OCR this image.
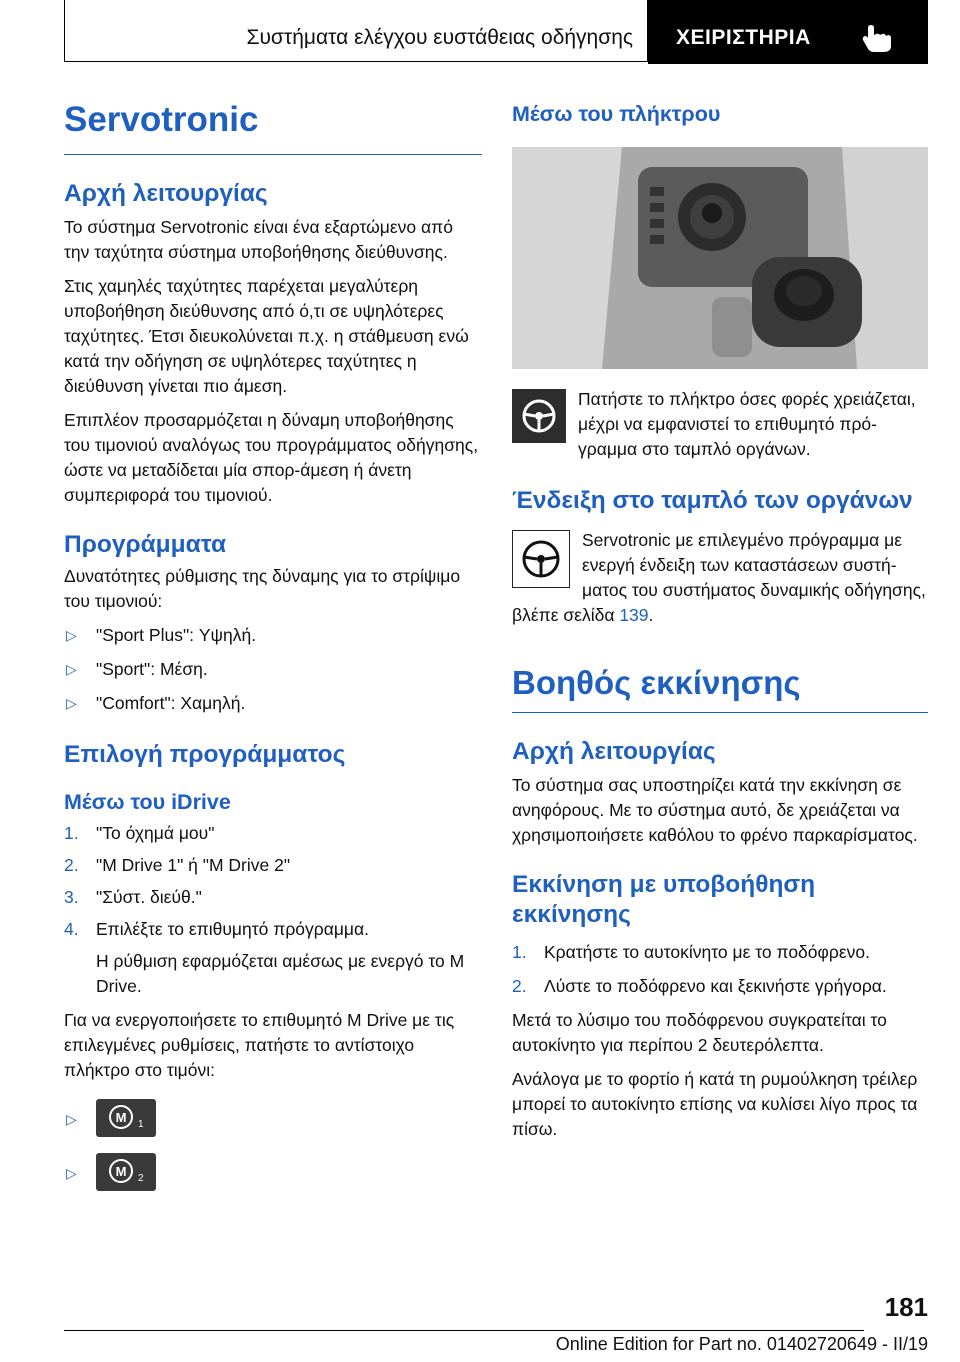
Συστήματα ελέγχου ευστάθειας οδήγησης ΧΕΙΡΙΣΤΗΡΙΑ
Servotronic
Αρχή λειτουργίας

Το σύστημα Servotronic είναι ένα εξαρτώμενο από την ταχύτητα σύστημα υποβοήθησης διεύθυνσης.

Στις χαμηλές ταχύτητες παρέχεται μεγαλύτερη υποβοήθηση διεύθυνσης από ό,τι σε υψηλότερες ταχύτητες. Έτσι διευκολύνεται π.χ. η στάθμευση ενώ κατά την οδήγηση σε υψηλότερες ταχύτητες η διεύθυνση γίνεται πιο άμεση.

Επιπλέον προσαρμόζεται η δύναμη υποβοήθησης του τιμονιού αναλόγως του προγράμματος οδήγησης, ώστε να μεταδίδεται μία σπορ-άμεση ή άνετη συμπεριφορά του τιμονιού.

Προγράμματα

Δυνατότητες ρύθμισης της δύναμης για το στρίψιμο του τιμονιού:

▷ "Sport Plus": Υψηλή.
▷ "Sport": Μέση.
▷ "Comfort": Χαμηλή.
Επιλογή προγράμματος
Μέσω του iDrive
1. "Το όχημά μου"
2. "M Drive 1" ή "M Drive 2"
3. "Σύστ. διεύθ."
4. Επιλέξτε το επιθυμητό πρόγραμμα.
Η ρύθμιση εφαρμόζεται αμέσως με ενεργό το M Drive.

Για να ενεργοποιήσετε το επιθυμητό M Drive με τις επιλεγμένες ρυθμίσεις, πατήστε το αντίστοιχο πλήκτρο στο τιμόνι:

▷	M 1
▷	M 2
Μέσω του πλήκτρου

Πατήστε το πλήκτρο όσες φορές χρειάζεται, μέχρι να εμφανιστεί το επιθυμητό πρόγραμμα στο ταμπλό οργάνων.

Ένδειξη στο ταμπλό των οργάνων

Servotronic με επιλεγμένο πρόγραμμα με ενεργή ένδειξη των καταστάσεων συστήματος του συστήματος δυναμικής οδήγησης, βλέπε σελίδα 139.

Βοηθός εκκίνησης
Αρχή λειτουργίας

Το σύστημα σας υποστηρίζει κατά την εκκίνηση σε ανηφόρους. Με το σύστημα αυτό, δε χρειάζεται να χρησιμοποιήσετε καθόλου το φρένο παρκαρίσματος.

Εκκίνηση με υποβοήθηση εκκίνησης
1. Κρατήστε το αυτοκίνητο με το ποδόφρενο.
2. Λύστε το ποδόφρενο και ξεκινήστε γρήγορα.

Μετά το λύσιμο του ποδόφρενου συγκρατείται το αυτοκίνητο για περίπου 2 δευτερόλεπτα.

Ανάλογα με το φορτίο ή κατά τη ρυμούλκηση τρέιλερ μπορεί το αυτοκίνητο επίσης να κυλίσει λίγο προς τα πίσω.

181
Online Edition for Part no. 01402720649 - II/19
